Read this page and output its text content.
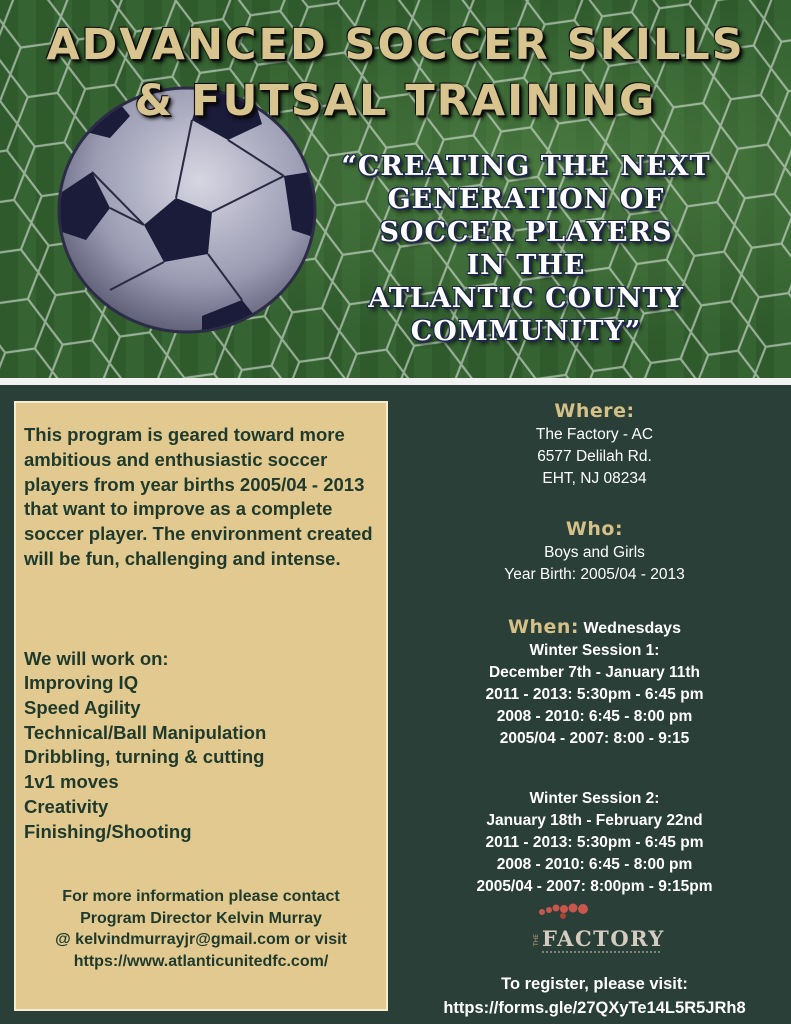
ADVANCED SOCCER SKILLS
& FUTSAL TRAINING
“CREATING THE NEXT
GENERATION OF
SOCCER PLAYERS
IN THE
ATLANTIC COUNTY
COMMUNITY”
This program is geared toward more ambitious and enthusiastic soccer players from year births 2005/04 - 2013 that want to improve as a complete soccer player. The environment created will be fun, challenging and intense.
We will work on:
Improving IQ
Speed Agility
Technical/Ball Manipulation
Dribbling, turning & cutting
1v1 moves
Creativity
Finishing/Shooting
For more information please contact
Program Director Kelvin Murray
@ kelvindmurrayjr@gmail.com or visit
https://www.atlanticunitedfc.com/
Where:
The Factory - AC
6577 Delilah Rd.
EHT, NJ 08234
Who:
Boys and Girls
Year Birth: 2005/04 - 2013
When: Wednesdays
Winter Session 1:
December 7th - January 11th
2011 - 2013: 5:30pm - 6:45 pm
2008 - 2010: 6:45 - 8:00 pm
2005/04 - 2007: 8:00 - 9:15
Winter Session 2:
January 18th - February 22nd
2011 - 2013: 5:30pm - 6:45 pm
2008 - 2010: 6:45 - 8:00 pm
2005/04 - 2007: 8:00pm - 9:15pm
THE FACTORY
To register, please visit:
https://forms.gle/27QXyTe14L5R5JRh8
